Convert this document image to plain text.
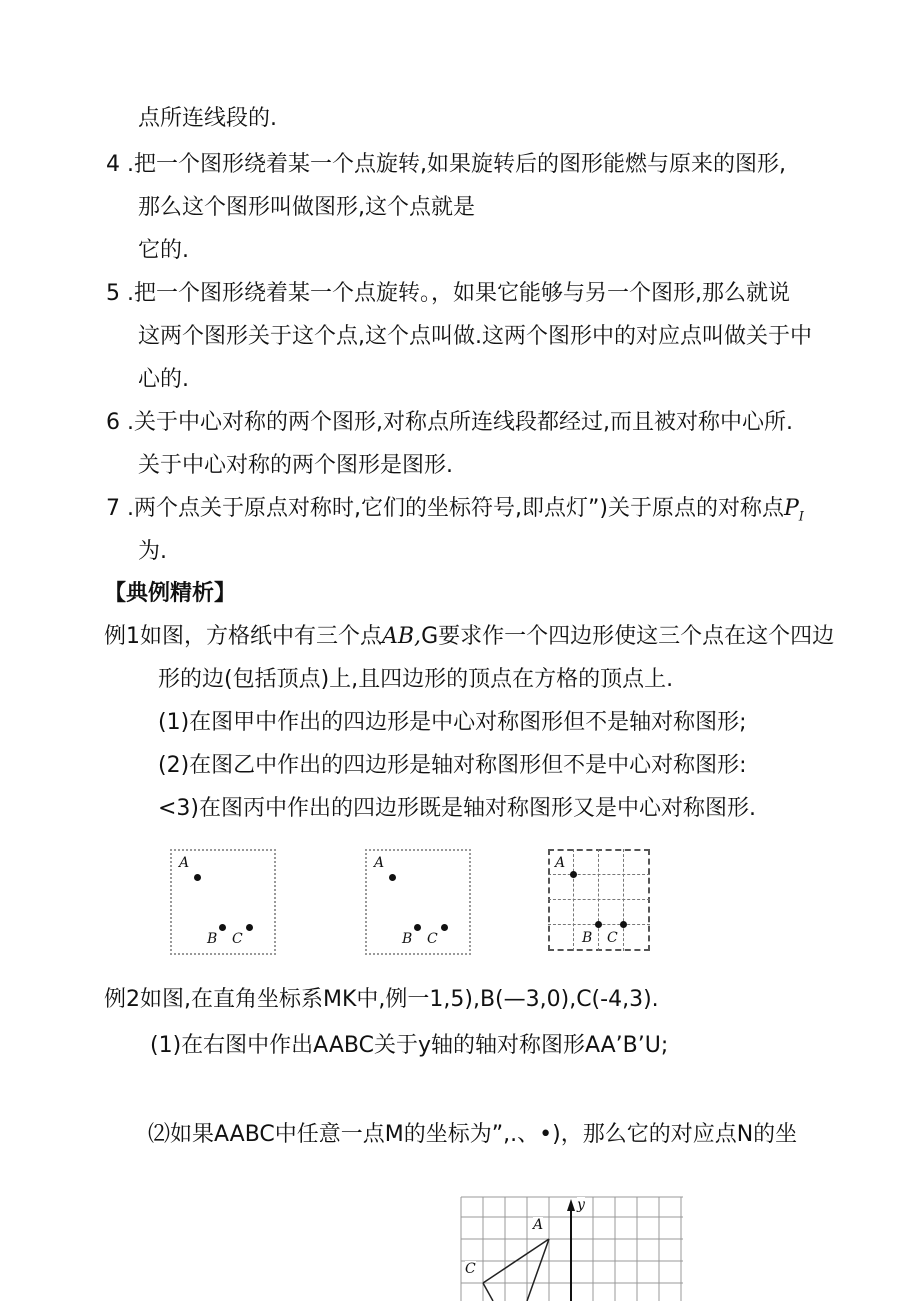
点所连线段的.
4 .把一个图形绕着某一个点旋转,如果旋转后的图形能燃与原来的图形,
那么这个图形叫做图形,这个点就是
它的.
5 .把一个图形绕着某一个点旋转。，如果它能够与另一个图形,那么就说
这两个图形关于这个点,这个点叫做.这两个图形中的对应点叫做关于中
心的.
6 .关于中心对称的两个图形,对称点所连线段都经过,而且被对称中心所.
关于中心对称的两个图形是图形.
7 .两个点关于原点对称时,它们的坐标符号,即点灯”)关于原点的对称点$P_I$
为.
【典例精析】
例1如图，方格纸中有三个点AB,G要求作一个四边形使这三个点在这个四边
形的边(包括顶点)上,且四边形的顶点在方格的顶点上.
(1)在图甲中作出的四边形是中心对称图形但不是轴对称图形;
(2)在图乙中作出的四边形是轴对称图形但不是中心对称图形:
<3)在图丙中作出的四边形既是轴对称图形又是中心对称图形.
A
B C
A
B C
A
B C
例2如图,在直角坐标系MK中,例一1,5),B(—3,0),C(-4,3).
(1)在右图中作出AABC关于y轴的轴对称图形AA’B’U;
⑵如果AABC中任意一点M的坐标为”,.、•)，那么它的对应点N的坐
y
A
C
